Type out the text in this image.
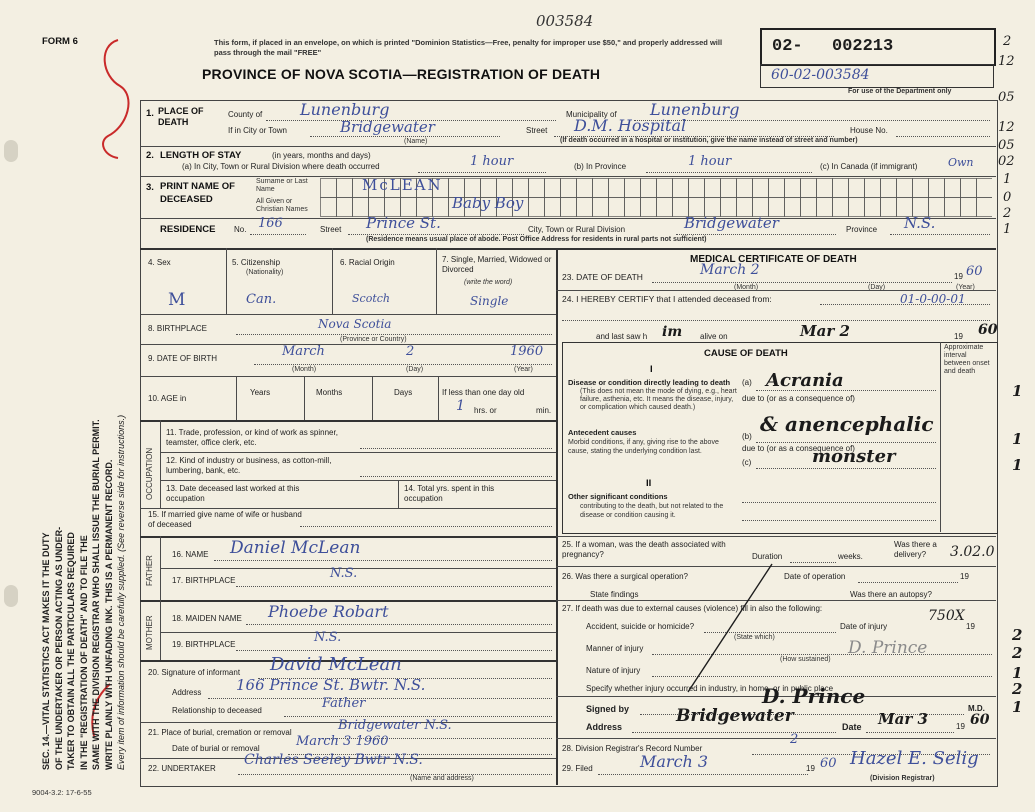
FORM 6
003584
This form, if placed in an envelope, on which is printed "Dominion Statistics—Free, penalty for improper use $50," and properly addressed will pass through the mail "FREE"
PROVINCE OF NOVA SCOTIA—REGISTRATION OF DEATH
02- 002213
60-02-003584
For use of the Department only
2
12
05
12
05
02
1
0
2
1
SEC. 14.—VITAL STATISTICS ACT MAKES IT THE DUTY OF THE UNDERTAKER OR PERSON ACTING AS UNDER- TAKER TO OBTAIN ALL THE PARTICULARS REQUIRED IN THE "REGISTRATION OF DEATH" AND TO FILE THE SAME WITH THE DIVISION REGISTRAR WHO SHALL ISSUE THE BURIAL PERMIT. WRITE PLAINLY WITH UNFADING INK. THIS IS A PERMANENT RECORD. Every item of information should be carefully supplied. (See reverse side for instructions.)
9004-3.2: 17-6-55
1. PLACE OF DEATH
County of Lunenburg	Municipality of Lunenburg
If in City or Town	Bridgewater
(Name)
Street D.M. Hospital	House No.
(If death occurred in a hospital or institution, give the name instead of street and number)
2. LENGTH OF STAY	(in years, months and days)
(a) In City, Town or Rural Division where death occurred	1 hour	(b) In Province	1 hour	(c) In Canada (if immigrant)	Own
3. PRINT NAME OF DECEASED
Surname or Last Name
All Given or Christian Names
McLEAN
Baby Boy
RESIDENCE No. 166	Street Prince St.	City, Town or Rural Division	Bridgewater	Province N.S.
(Residence means usual place of abode. Post Office Address for residents in rural parts not sufficient)
4. Sex	5. Citizenship
(Nationality)
6. Racial Origin	7. Single, Married, Widowed or Divorced
(write the word)
M	Can.	Scotch	Single
8. BIRTHPLACE	Nova Scotia
(Province or Country)
9. DATE OF BIRTH	March	2	1960
(Month)	(Day)	(Year)
10. AGE in
Years	Months	Days	If less than one day old
1 hrs. or	min.
OCCUPATION
11. Trade, profession, or kind of work as spinner, teamster, office clerk, etc.
12. Kind of industry or business, as cotton-mill, lumbering, bank, etc.
13. Date deceased last worked at this occupation
14. Total yrs. spent in this occupation
15. If married give name of wife or husband of deceased
FATHER
16. NAME Daniel McLean
17. BIRTHPLACE	N.S.
MOTHER 18. MAIDEN NAME Phoebe Robart
19. BIRTHPLACE	N.S.
20. Signature of informant David McLean
Address 166 Prince St. Bwtr. N.S.
Relationship to deceased	Father
21. Place of burial, cremation or removal	Bridgewater N.S.
Date of burial or removal	March 3 1960
22. UNDERTAKER
Charles Seeley Bwtr N.S.
(Name and address)
MEDICAL CERTIFICATE OF DEATH
23. DATE OF DEATH	March 2	19 60
(Month)	(Day)	(Year)
24. I HEREBY CERTIFY that I attended deceased from:	01-0-00-01
and last saw h im alive on	Mar 2	19 60
CAUSE OF DEATH
Approximate interval between onset and death
I
Disease or condition directly leading to death
(This does not mean the mode of dying, e.g., heart failure, asthenia, etc. It means the disease, injury, or complication which caused death.)
(a) Acrania
due to (or as a consequence of)	1
Antecedent causes
Morbid conditions, if any, giving rise to the above cause, stating the underlying condition last.
(b)
& anencephalic
due to (or as a consequence of)
(c)	monster
1
1
II
Other significant conditions
contributing to the death, but not related to the disease or condition causing it.
25. If a woman, was the death associated with pregnancy?	Duration	weeks.
Was there a delivery?	3.02.0
26. Was there a surgical operation?	Date of operation	19
State findings	Was there an autopsy?
27. If death was due to external causes (violence) fill in also the following:
Accident, suicide or homicide?
(State which)
Date of injury
750X
19
Manner of injury
(How sustained)
D. Prince
Nature of injury
Specify whether injury occurred in industry, in home, or in public place
Signed by
D. Prince
M.D.
Address
Bridgewater
Date Mar 3	19 60
28. Division Registrar's Record Number
2
29. Filed	March 3	19 60 Hazel E. Selig
(Division Registrar)
2
2
1
2
1
